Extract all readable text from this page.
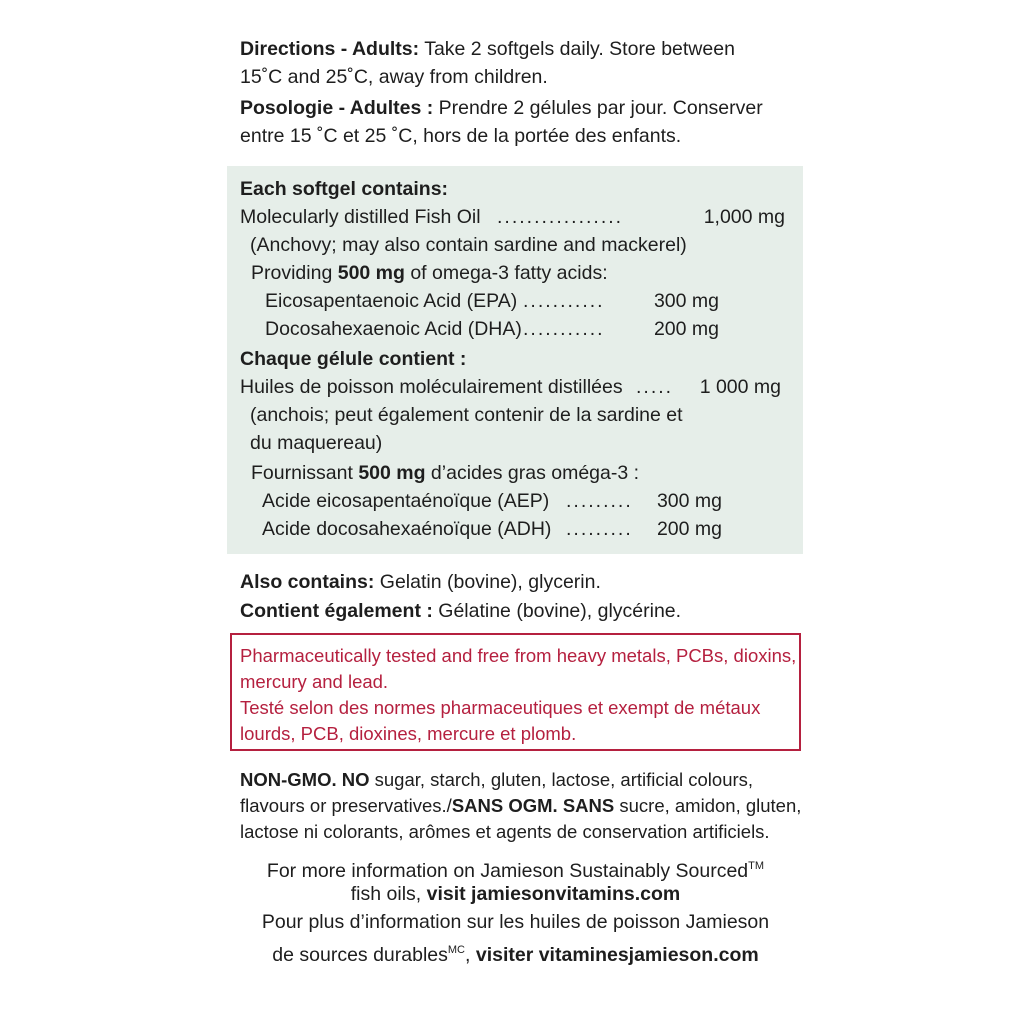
Directions - Adults: Take 2 softgels daily. Store between
15˚C and 25˚C, away from children.
Posologie - Adultes : Prendre 2 gélules par jour. Conserver
entre 15 ˚C et 25 ˚C, hors de la portée des enfants.
Each softgel contains:
Molecularly distilled Fish Oil .................	1,000 mg
(Anchovy; may also contain sardine and mackerel)
Providing 500 mg of omega-3 fatty acids:
Eicosapentaenoic Acid (EPA) ...........	300 mg
Docosahexaenoic Acid (DHA) ...........	200 mg
Chaque gélule contient :
Huiles de poisson moléculairement distillées ..... 1 000 mg
(anchois; peut également contenir de la sardine et
du maquereau)
Fournissant 500 mg d’acides gras oméga-3 :
Acide eicosapentaénoïque (AEP) ......... 300 mg
Acide docosahexaénoïque (ADH) ......... 200 mg
Also contains: Gelatin (bovine), glycerin.
Contient également : Gélatine (bovine), glycérine.
Pharmaceutically tested and free from heavy metals, PCBs, dioxins,
mercury and lead.
Testé selon des normes pharmaceutiques et exempt de métaux
lourds, PCB, dioxines, mercure et plomb.
NON-GMO. NO sugar, starch, gluten, lactose, artificial colours,
flavours or preservatives./SANS OGM. SANS sucre, amidon, gluten,
lactose ni colorants, arômes et agents de conservation artificiels.
For more information on Jamieson Sustainably Sourced™
fish oils, visit jamiesonvitamins.com
Pour plus d’information sur les huiles de poisson Jamieson
de sources durables$^{MC}$, visiter vitaminesjamieson.com
